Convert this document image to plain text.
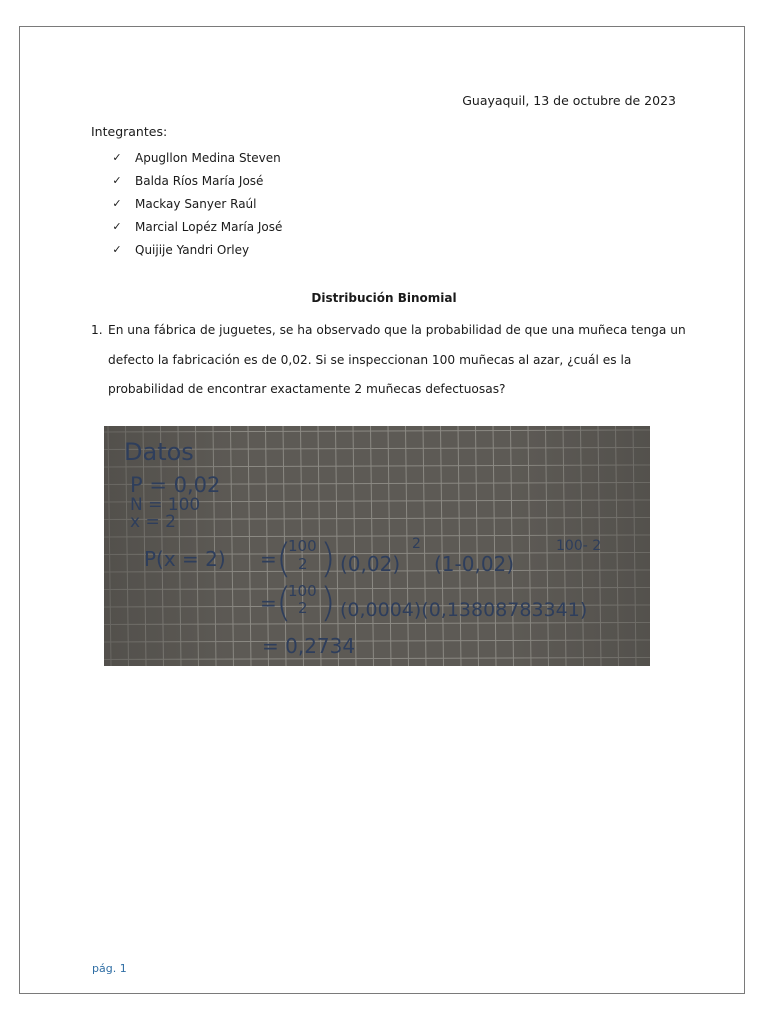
Guayaquil, 13 de octubre de 2023
Integrantes:
✓ Apugllon Medina Steven
✓ Balda Ríos María José
✓ Mackay Sanyer Raúl
✓ Marcial Lopéz María José
✓ Quijije Yandri Orley
Distribución Binomial
1. En una fábrica de juguetes, se ha observado que la probabilidad de que una muñeca tenga un defecto la fabricación es de 0,02. Si se inspeccionan 100 muñecas al azar, ¿cuál es la probabilidad de encontrar exactamente 2 muñecas defectuosas?
Datos
P = 0,02
N = 100
x = 2
P(x = 2) = (
100
2 ) (0,02)
2
(1-0,02)
100- 2
= (
100
2 ) (0,0004)(0,13808783341)
= 0,2734
pág. 1
